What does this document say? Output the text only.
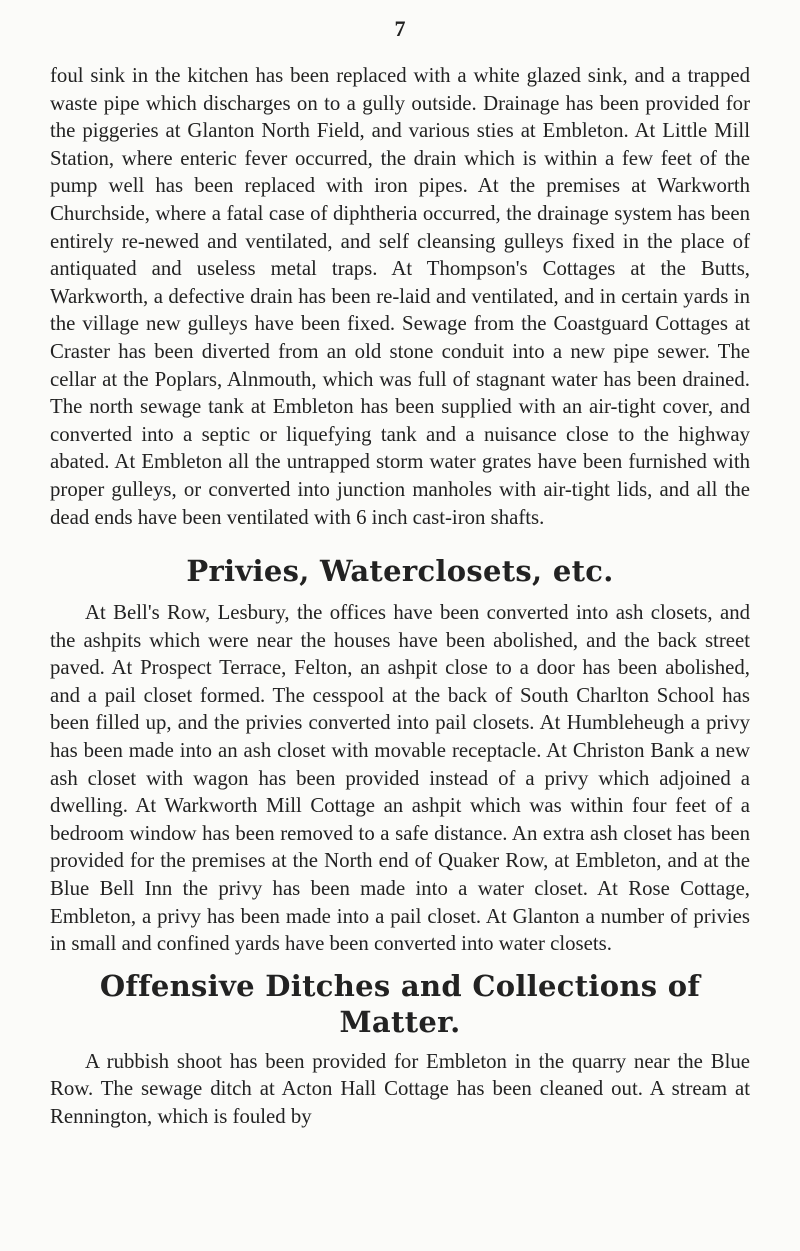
7

foul sink in the kitchen has been replaced with a white glazed sink, and a trapped waste pipe which discharges on to a gully outside. Drainage has been provided for the piggeries at Glanton North Field, and various sties at Embleton. At Little Mill Station, where enteric fever occurred, the drain which is within a few feet of the pump well has been replaced with iron pipes. At the premises at Warkworth Churchside, where a fatal case of diphtheria occurred, the drainage system has been entirely re-newed and ventilated, and self cleansing gulleys fixed in the place of antiquated and useless metal traps. At Thompson's Cottages at the Butts, Warkworth, a defective drain has been re-laid and ventilated, and in certain yards in the village new gulleys have been fixed. Sewage from the Coastguard Cottages at Craster has been diverted from an old stone conduit into a new pipe sewer. The cellar at the Poplars, Alnmouth, which was full of stagnant water has been drained. The north sewage tank at Embleton has been supplied with an air-tight cover, and converted into a septic or liquefying tank and a nuisance close to the highway abated. At Embleton all the untrapped storm water grates have been furnished with proper gulleys, or converted into junction manholes with air-tight lids, and all the dead ends have been ventilated with 6 inch cast-iron shafts.

Privies, Waterclosets, etc.

At Bell's Row, Lesbury, the offices have been converted into ash closets, and the ashpits which were near the houses have been abolished, and the back street paved. At Prospect Terrace, Felton, an ashpit close to a door has been abolished, and a pail closet formed. The cesspool at the back of South Charlton School has been filled up, and the privies converted into pail closets. At Humbleheugh a privy has been made into an ash closet with movable receptacle. At Christon Bank a new ash closet with wagon has been provided instead of a privy which adjoined a dwelling. At Warkworth Mill Cottage an ashpit which was within four feet of a bedroom window has been removed to a safe distance. An extra ash closet has been provided for the premises at the North end of Quaker Row, at Embleton, and at the Blue Bell Inn the privy has been made into a water closet. At Rose Cottage, Embleton, a privy has been made into a pail closet. At Glanton a number of privies in small and confined yards have been converted into water closets.

Offensive Ditches and Collections of Matter.

A rubbish shoot has been provided for Embleton in the quarry near the Blue Row. The sewage ditch at Acton Hall Cottage has been cleaned out. A stream at Rennington, which is fouled by
